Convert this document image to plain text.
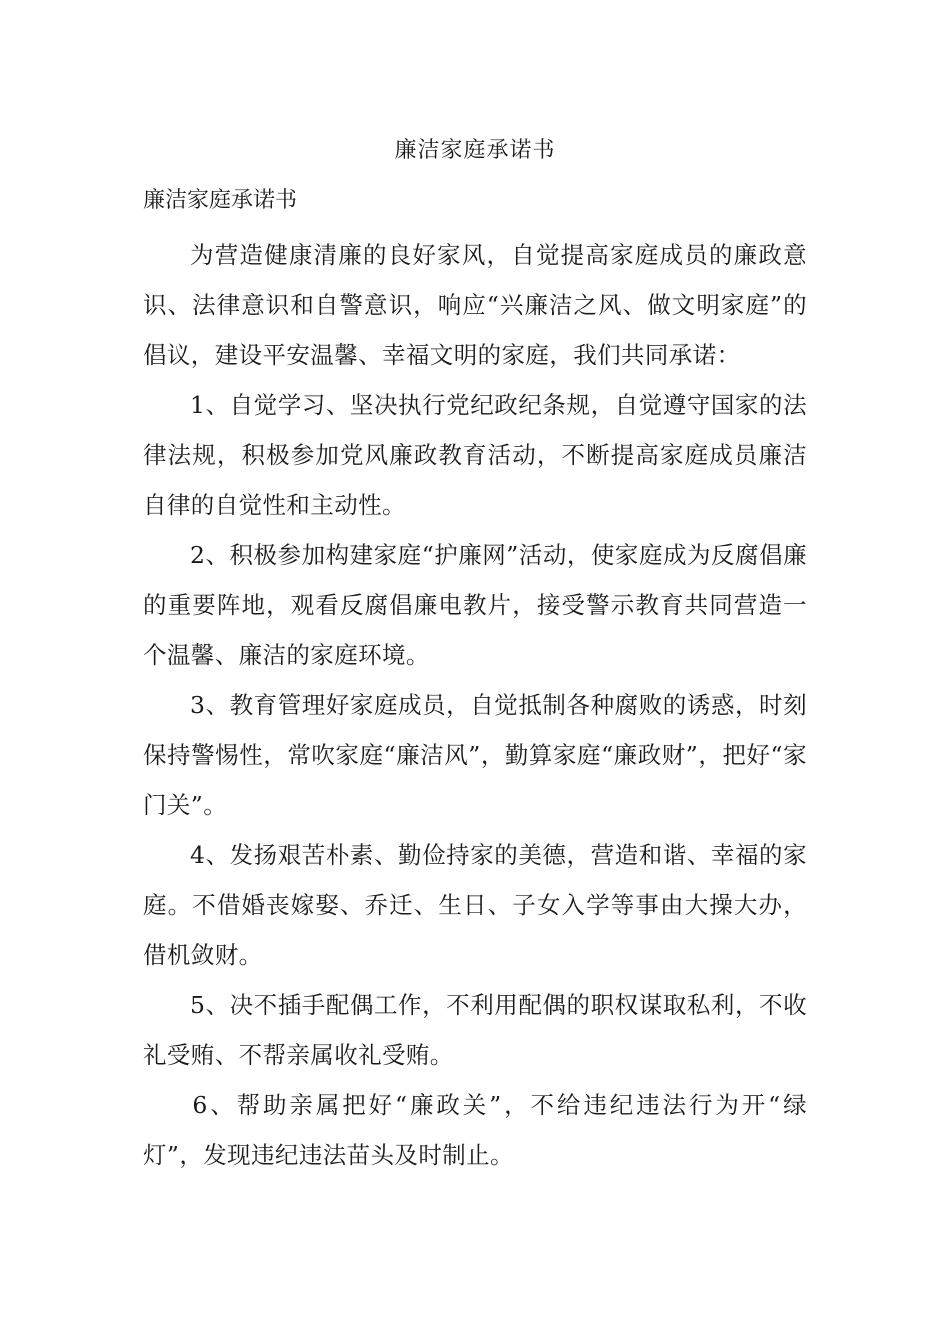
廉洁家庭承诺书
廉洁家庭承诺书

为营造健康清廉的良好家风，自觉提高家庭成员的廉政意识、法律意识和自警意识，响应“兴廉洁之风、做文明家庭”的倡议，建设平安温馨、幸福文明的家庭，我们共同承诺：

1、自觉学习、坚决执行党纪政纪条规，自觉遵守国家的法律法规，积极参加党风廉政教育活动，不断提高家庭成员廉洁自律的自觉性和主动性。

2、积极参加构建家庭“护廉网”活动，使家庭成为反腐倡廉的重要阵地，观看反腐倡廉电教片，接受警示教育共同营造一个温馨、廉洁的家庭环境。

3、教育管理好家庭成员，自觉抵制各种腐败的诱惑，时刻保持警惕性，常吹家庭“廉洁风”，勤算家庭“廉政财”，把好“家门关”。

4、发扬艰苦朴素、勤俭持家的美德，营造和谐、幸福的家庭。不借婚丧嫁娶、乔迁、生日、子女入学等事由大操大办，借机敛财。

5、决不插手配偶工作，不利用配偶的职权谋取私利，不收礼受贿、不帮亲属收礼受贿。

6、帮助亲属把好“廉政关”，不给违纪违法行为开“绿灯”，发现违纪违法苗头及时制止。
